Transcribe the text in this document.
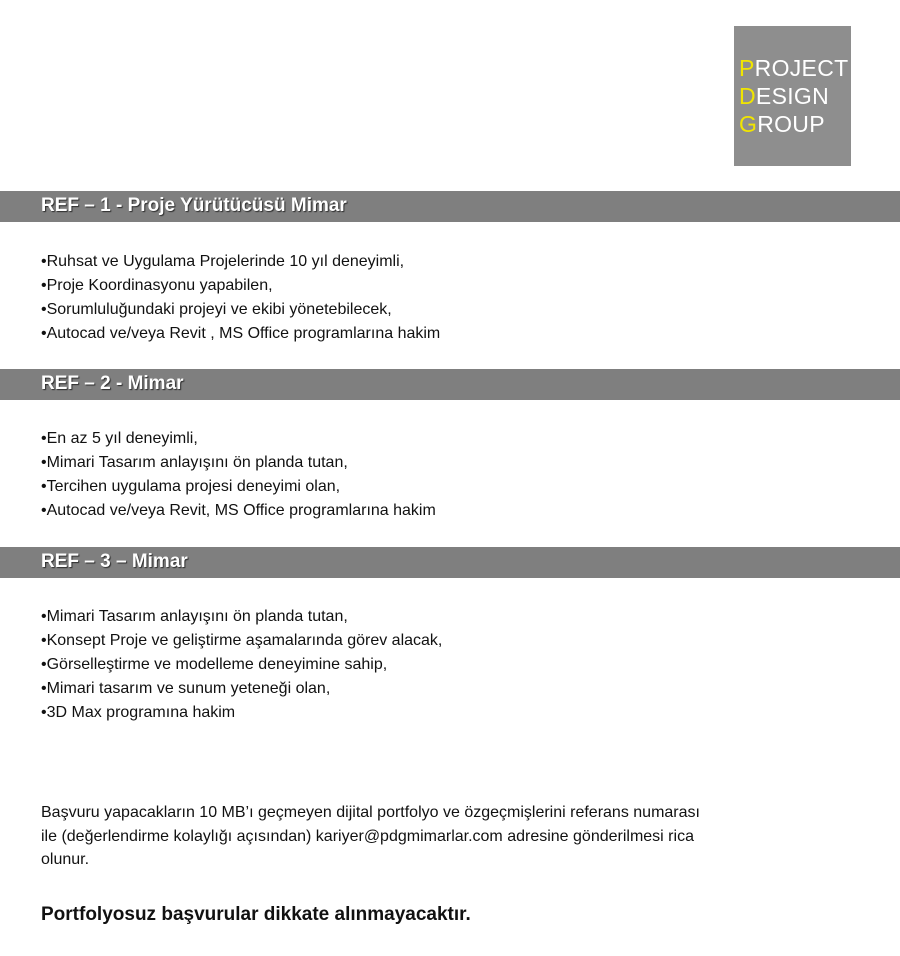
PROJECT
DESIGN
GROUP
REF – 1 - Proje Yürütücüsü Mimar
•Ruhsat ve Uygulama Projelerinde 10 yıl deneyimli,
•Proje Koordinasyonu yapabilen,
•Sorumluluğundaki projeyi ve ekibi yönetebilecek,
•Autocad ve/veya Revit , MS Office programlarına hakim
REF – 2 - Mimar
•En az 5 yıl deneyimli,
•Mimari Tasarım anlayışını ön planda tutan,
•Tercihen uygulama projesi deneyimi olan,
•Autocad ve/veya Revit, MS Office programlarına hakim
REF – 3 – Mimar
•Mimari Tasarım anlayışını ön planda tutan,
•Konsept Proje ve geliştirme aşamalarında görev alacak,
•Görselleştirme ve modelleme deneyimine sahip,
•Mimari tasarım ve sunum yeteneği olan,
•3D Max programına hakim
Başvuru yapacakların 10 MB’ı geçmeyen dijital portfolyo ve özgeçmişlerini referans numarası
ile (değerlendirme kolaylığı açısından) kariyer@pdgmimarlar.com adresine gönderilmesi rica
olunur.
Portfolyosuz başvurular dikkate alınmayacaktır.
